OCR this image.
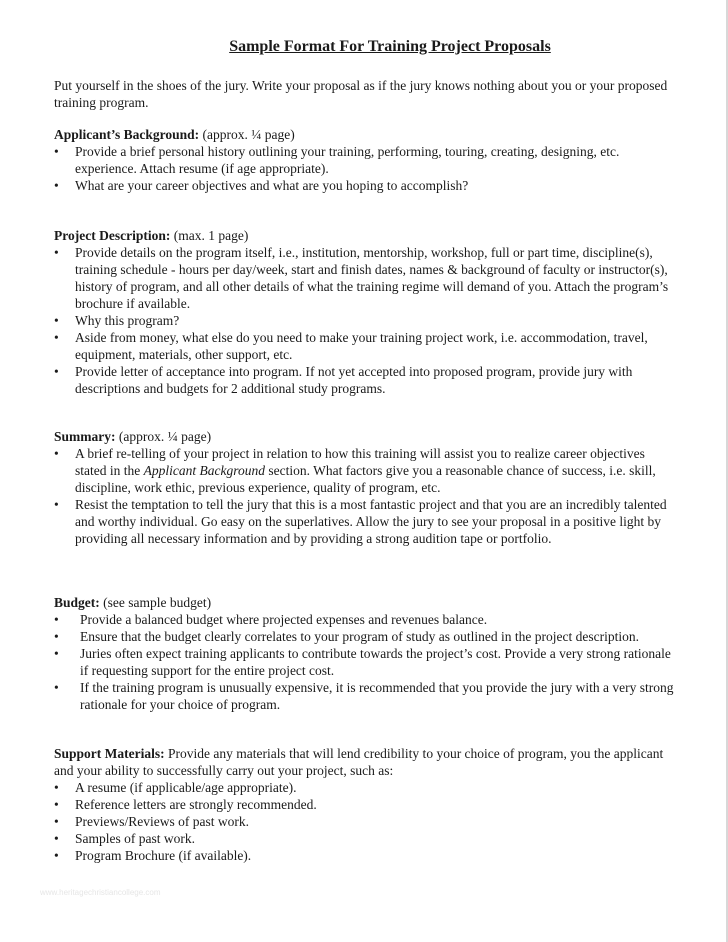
Sample Format For Training Project Proposals
Put yourself in the shoes of the jury. Write your proposal as if the jury knows nothing about you or your proposed training program.
Applicant’s Background: (approx. ¼ page)
• Provide a brief personal history outlining your training, performing, touring, creating, designing, etc. experience. Attach resume (if age appropriate).
• What are your career objectives and what are you hoping to accomplish?
Project Description: (max. 1 page)
• Provide details on the program itself, i.e., institution, mentorship, workshop, full or part time, discipline(s), training schedule - hours per day/week, start and finish dates, names & background of faculty or instructor(s), history of program, and all other details of what the training regime will demand of you. Attach the program’s brochure if available.
• Why this program?
• Aside from money, what else do you need to make your training project work, i.e. accommodation, travel, equipment, materials, other support, etc.
• Provide letter of acceptance into program. If not yet accepted into proposed program, provide jury with descriptions and budgets for 2 additional study programs.
Summary: (approx. ¼ page)
• A brief re-telling of your project in relation to how this training will assist you to realize career objectives stated in the Applicant Background section. What factors give you a reasonable chance of success, i.e. skill, discipline, work ethic, previous experience, quality of program, etc.
• Resist the temptation to tell the jury that this is a most fantastic project and that you are an incredibly talented and worthy individual. Go easy on the superlatives. Allow the jury to see your proposal in a positive light by providing all necessary information and by providing a strong audition tape or portfolio.
Budget: (see sample budget)
• Provide a balanced budget where projected expenses and revenues balance.
• Ensure that the budget clearly correlates to your program of study as outlined in the project description.
• Juries often expect training applicants to contribute towards the project’s cost. Provide a very strong rationale if requesting support for the entire project cost.
• If the training program is unusually expensive, it is recommended that you provide the jury with a very strong rationale for your choice of program.
Support Materials: Provide any materials that will lend credibility to your choice of program, you the applicant and your ability to successfully carry out your project, such as:
• A resume (if applicable/age appropriate).
• Reference letters are strongly recommended.
• Previews/Reviews of past work.
• Samples of past work.
• Program Brochure (if available).
www.heritagechristiancollege.com
